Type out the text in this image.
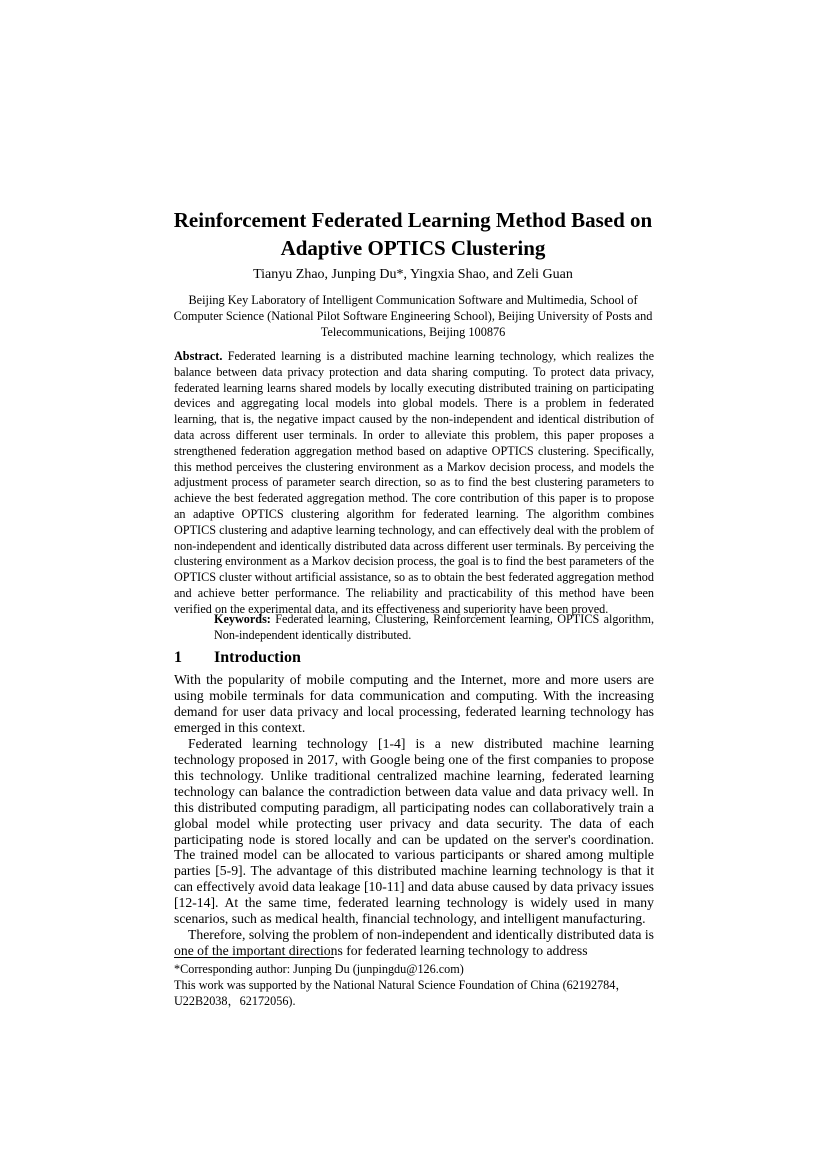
Reinforcement Federated Learning Method Based on
Adaptive OPTICS Clustering
Tianyu Zhao, Junping Du*, Yingxia Shao, and Zeli Guan
Beijing Key Laboratory of Intelligent Communication Software and Multimedia, School of Computer Science (National Pilot Software Engineering School), Beijing University of Posts and Telecommunications, Beijing 100876
Abstract. Federated learning is a distributed machine learning technology, which realizes the balance between data privacy protection and data sharing computing. To protect data privacy, federated learning learns shared models by locally executing distributed training on participating devices and aggregating local models into global models. There is a problem in federated learning, that is, the negative impact caused by the non-independent and identical distribution of data across different user terminals. In order to alleviate this problem, this paper proposes a strengthened federation aggregation method based on adaptive OPTICS clustering. Specifically, this method perceives the clustering environment as a Markov decision process, and models the adjustment process of parameter search direction, so as to find the best clustering parameters to achieve the best federated aggregation method. The core contribution of this paper is to propose an adaptive OPTICS clustering algorithm for federated learning. The algorithm combines OPTICS clustering and adaptive learning technology, and can effectively deal with the problem of non-independent and identically distributed data across different user terminals. By perceiving the clustering environment as a Markov decision process, the goal is to find the best parameters of the OPTICS cluster without artificial assistance, so as to obtain the best federated aggregation method and achieve better performance. The reliability and practicability of this method have been verified on the experimental data, and its effectiveness and superiority have been proved.
Keywords: Federated learning, Clustering, Reinforcement learning, OPTICS algorithm, Non-independent identically distributed.
1 Introduction

With the popularity of mobile computing and the Internet, more and more users are using mobile terminals for data communication and computing. With the increasing demand for user data privacy and local processing, federated learning technology has emerged in this context.

Federated learning technology [1-4] is a new distributed machine learning technology proposed in 2017, with Google being one of the first companies to propose this technology. Unlike traditional centralized machine learning, federated learning technology can balance the contradiction between data value and data privacy well. In this distributed computing paradigm, all participating nodes can collaboratively train a global model while protecting user privacy and data security. The data of each participating node is stored locally and can be updated on the server's coordination. The trained model can be allocated to various participants or shared among multiple parties [5-9]. The advantage of this distributed machine learning technology is that it can effectively avoid data leakage [10-11] and data abuse caused by data privacy issues [12-14]. At the same time, federated learning technology is widely used in many scenarios, such as medical health, financial technology, and intelligent manufacturing.

Therefore, solving the problem of non-independent and identically distributed data is one of the important directions for federated learning technology to address

*Corresponding author: Junping Du (junpingdu@126.com)
This work was supported by the National Natural Science Foundation of China (62192784，U22B2038，62172056).
